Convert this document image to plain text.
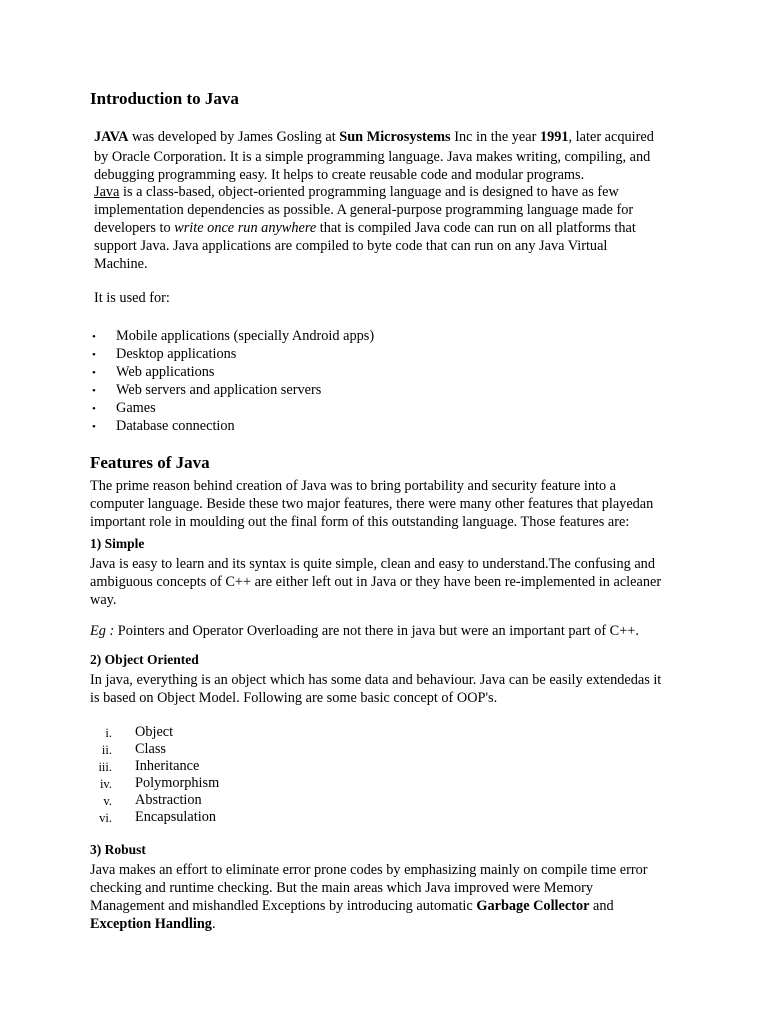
Introduction to Java
JAVA was developed by James Gosling at Sun Microsystems Inc in the year 1991, later acquired
by Oracle Corporation. It is a simple programming language. Java makes writing, compiling, and
debugging programming easy. It helps to create reusable code and modular programs.
Java is a class-based, object-oriented programming language and is designed to have as few
implementation dependencies as possible. A general-purpose programming language made for
developers to write once run anywhere that is compiled Java code can run on all platforms that
support Java. Java applications are compiled to byte code that can run on any Java Virtual
Machine.
It is used for:
• Mobile applications (specially Android apps)
• Desktop applications
• Web applications
• Web servers and application servers
• Games
• Database connection
Features of Java
The prime reason behind creation of Java was to bring portability and security feature into a
computer language. Beside these two major features, there were many other features that playedan
important role in moulding out the final form of this outstanding language. Those features are:
1) Simple
Java is easy to learn and its syntax is quite simple, clean and easy to understand.The confusing and
ambiguous concepts of C++ are either left out in Java or they have been re-implemented in acleaner
way.
Eg : Pointers and Operator Overloading are not there in java but were an important part of C++.
2) Object Oriented
In java, everything is an object which has some data and behaviour. Java can be easily extendedas it
is based on Object Model. Following are some basic concept of OOP's.
i. Object
ii. Class
iii. Inheritance
iv. Polymorphism
v. Abstraction
vi. Encapsulation
3) Robust
Java makes an effort to eliminate error prone codes by emphasizing mainly on compile time error
checking and runtime checking. But the main areas which Java improved were Memory
Management and mishandled Exceptions by introducing automatic Garbage Collector and
Exception Handling.
